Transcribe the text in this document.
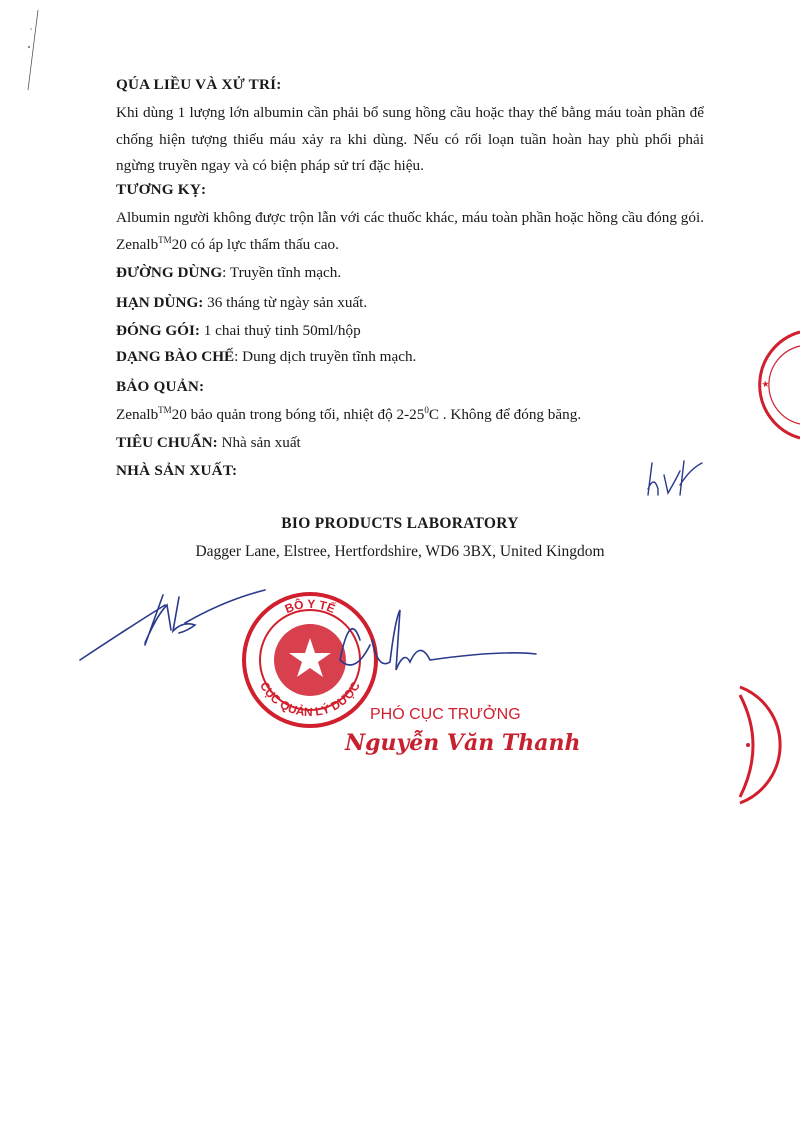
QÚA LIỀU VÀ XỬ TRÍ:
Khi dùng 1 lượng lớn albumin cần phải bổ sung hồng cầu hoặc thay thế bằng máu toàn phần để chống hiện tượng thiếu máu xảy ra khi dùng. Nếu có rối loạn tuần hoàn hay phù phổi phải ngừng truyền ngay và có biện pháp sử trí đặc hiệu.
TƯƠNG KỴ:
Albumin người không được trộn lẫn với các thuốc khác, máu toàn phần hoặc hồng cầu đóng gói. Zenalb™20 có áp lực thẩm thấu cao.
ĐƯỜNG DÙNG: Truyền tĩnh mạch.
HẠN DÙNG: 36 tháng từ ngày sản xuất.
ĐÓNG GÓI: 1 chai thuỷ tinh 50ml/hộp
DẠNG BÀO CHẾ: Dung dịch truyền tĩnh mạch.
BẢO QUẢN:
Zenalb™20 bảo quản trong bóng tối, nhiệt độ $2-25^0C$ . Không để đóng băng.
TIÊU CHUẨN: Nhà sản xuất
NHÀ SẢN XUẤT:
BIO PRODUCTS LABORATORY
Dagger Lane, Elstree, Hertfordshire, WD6 3BX, United Kingdom
BỘ Y TẾ
CỤC QUẢN LÝ DƯỢC
PHÓ CỤC TRƯỞNG
Nguyễn Văn Thanh
★
